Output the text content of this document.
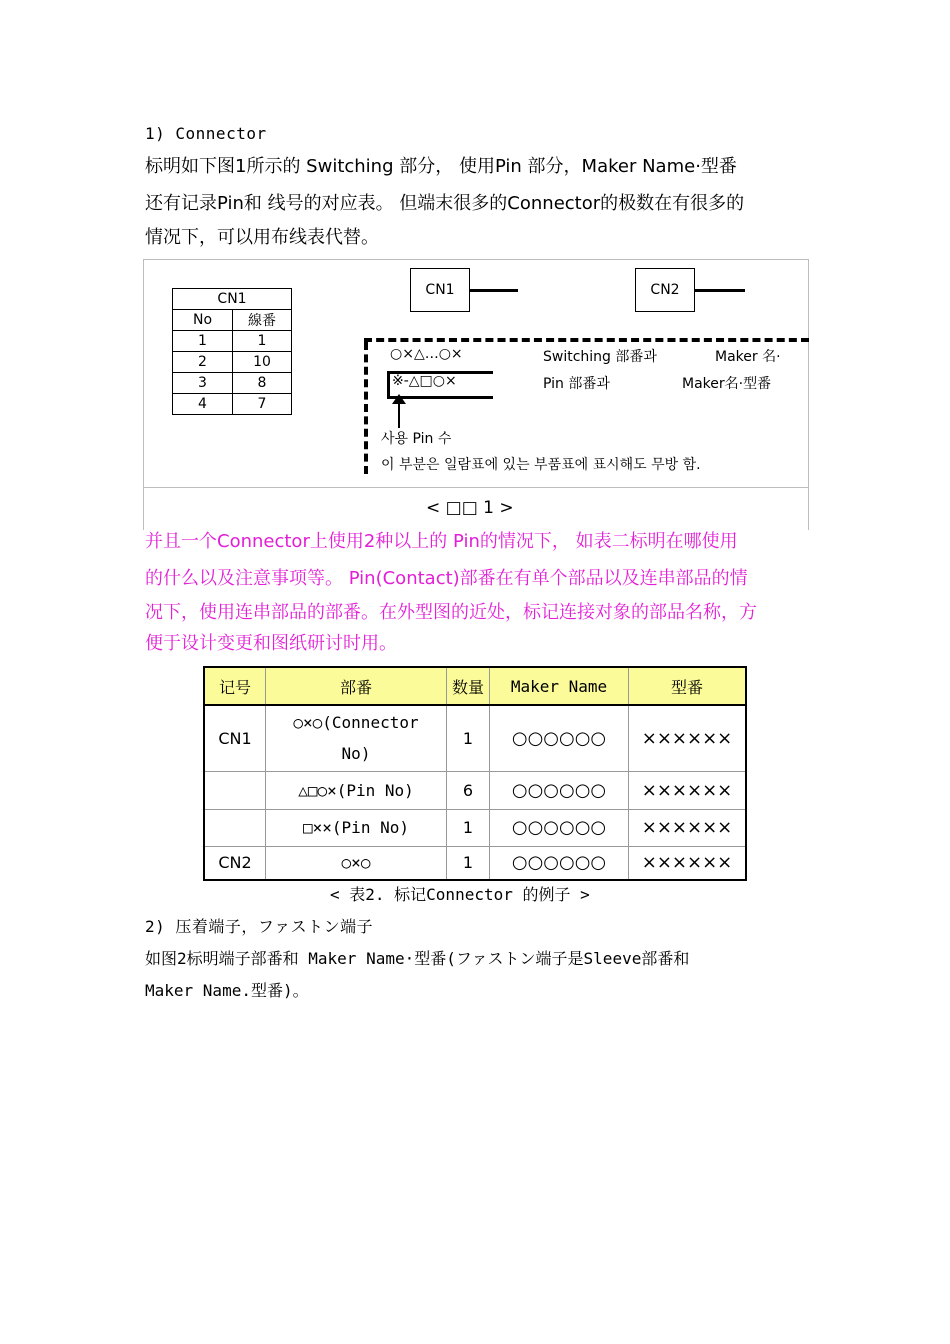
1) Connector
标明如下图1所示的 Switching 部分， 使用Pin 部分，Maker Name·型番
还有记录Pin和 线号的对应表。 但端末很多的Connector的极数在有很多的
情况下，可以用布线表代替。
CN1	
No	線番
1	1
2	10
3	8
4	7
CN1	CN2
○×△…○×	Switching 部番과	Maker 名·
※-△□○×	Pin 部番과	Maker名·型番
사용 Pin 수
이 부분은 일람표에 있는 부품표에 표시해도 무방 함.
< □□ 1 >
并且一个Connector上使用2种以上的 Pin的情况下， 如表二标明在哪使用
的什么以及注意事项等。 Pin(Contact)部番在有单个部品以及连串部品的情
况下，使用连串部品的部番。在外型图的近处，标记连接对象的部品名称，方
便于设计变更和图纸研讨时用。
记号	部番	数量	Maker Name	型番
CN1	○×○(Connector
No)	1	○○○○○○	××××××
	△□○×(Pin No)	6	○○○○○○	××××××
	□××(Pin No)	1	○○○○○○	××××××
CN2	○×○	1	○○○○○○	××××××
< 表2. 标记Connector 的例子 >
2) 压着端子，ファストン端子
如图2标明端子部番和 Maker Name·型番(ファストン端子是Sleeve部番和
Maker Name.型番)。
